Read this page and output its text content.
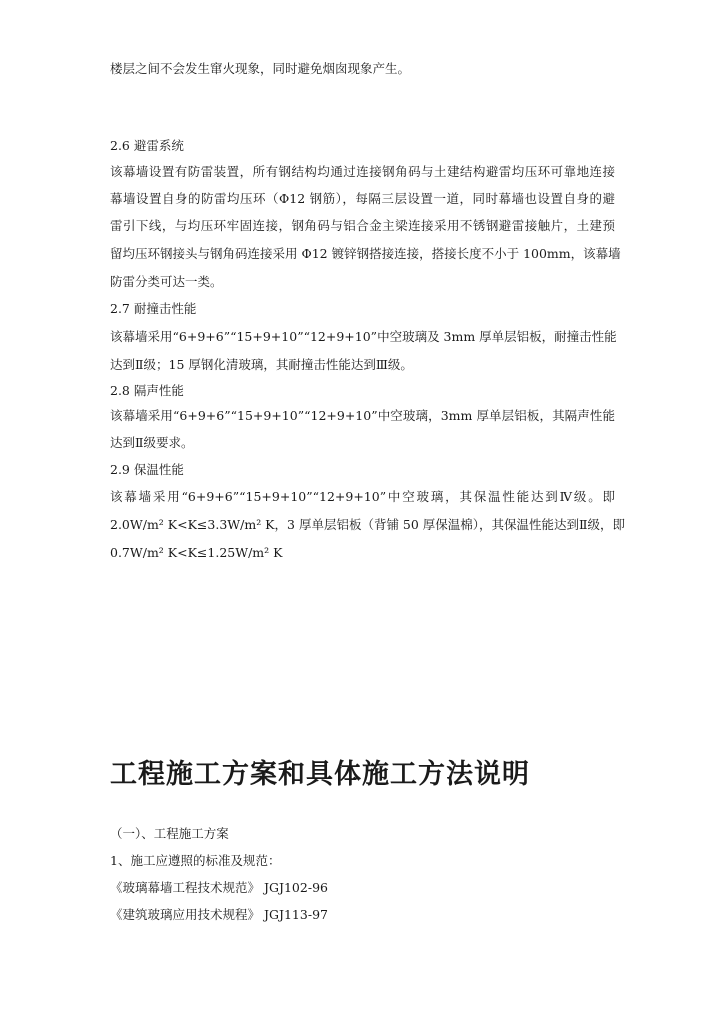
楼层之间不会发生窜火现象，同时避免烟囱现象产生。

2.6 避雷系统

该幕墙设置有防雷装置，所有钢结构均通过连接钢角码与土建结构避雷均压环可靠地连接

幕墙设置自身的防雷均压环（Φ12 钢筋），每隔三层设置一道，同时幕墙也设置自身的避

雷引下线，与均压环牢固连接，钢角码与铝合金主梁连接采用不锈钢避雷接触片，土建预

留均压环钢接头与钢角码连接采用 Φ12 镀锌钢搭接连接，搭接长度不小于 100mm，该幕墙

防雷分类可达一类。

2.7 耐撞击性能

该幕墙采用“6+9+6”“15+9+10”“12+9+10”中空玻璃及 3mm 厚单层铝板，耐撞击性能

达到Ⅱ级；15 厚钢化清玻璃，其耐撞击性能达到Ⅲ级。

2.8 隔声性能

该幕墙采用“6+9+6”“15+9+10”“12+9+10”中空玻璃，3mm 厚单层铝板，其隔声性能

达到Ⅱ级要求。

2.9 保温性能

该幕墙采用“6+9+6”“15+9+10”“12+9+10”中空玻璃，其保温性能达到Ⅳ级。即

2.0W/m² K<K≤3.3W/m² K，3 厚单层铝板（背铺 50 厚保温棉），其保温性能达到Ⅱ级，即

0.7W/m² K<K≤1.25W/m² K

工程施工方案和具体施工方法说明

（一）、工程施工方案

1、施工应遵照的标准及规范：

《玻璃幕墙工程技术规范》 JGJ102-96

《建筑玻璃应用技术规程》 JGJ113-97
